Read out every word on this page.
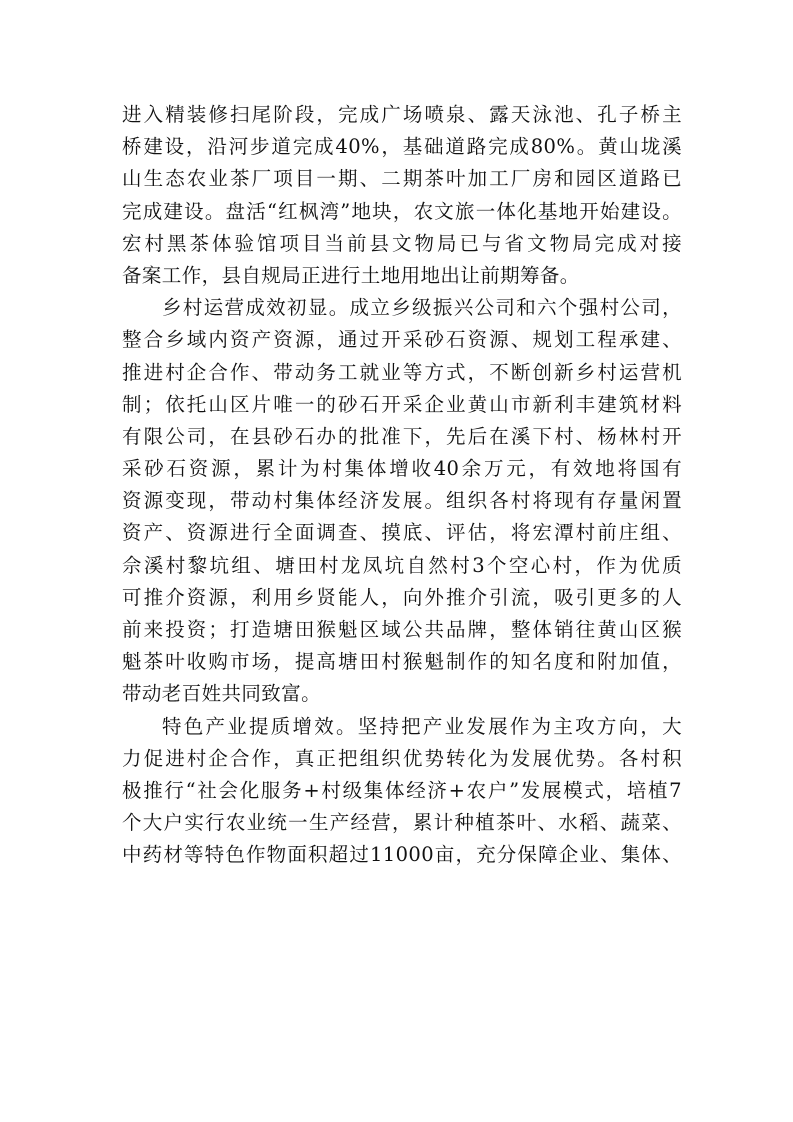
进入精装修扫尾阶段，完成广场喷泉、露天泳池、孔子桥主
桥建设，沿河步道完成40%，基础道路完成80%。黄山垅溪
山生态农业茶厂项目一期、二期茶叶加工厂房和园区道路已
完成建设。盘活“红枫湾”地块，农文旅一体化基地开始建设。
宏村黑茶体验馆项目当前县文物局已与省文物局完成对接
备案工作，县自规局正进行土地用地出让前期筹备。
乡村运营成效初显。成立乡级振兴公司和六个强村公司，
整合乡域内资产资源，通过开采砂石资源、规划工程承建、
推进村企合作、带动务工就业等方式，不断创新乡村运营机
制；依托山区片唯一的砂石开采企业黄山市新利丰建筑材料
有限公司，在县砂石办的批准下，先后在溪下村、杨林村开
采砂石资源，累计为村集体增收40余万元，有效地将国有
资源变现，带动村集体经济发展。组织各村将现有存量闲置
资产、资源进行全面调查、摸底、评估，将宏潭村前庄组、
佘溪村黎坑组、塘田村龙凤坑自然村3个空心村，作为优质
可推介资源，利用乡贤能人，向外推介引流，吸引更多的人
前来投资；打造塘田猴魁区域公共品牌，整体销往黄山区猴
魁茶叶收购市场，提高塘田村猴魁制作的知名度和附加值，
带动老百姓共同致富。
特色产业提质增效。坚持把产业发展作为主攻方向，大
力促进村企合作，真正把组织优势转化为发展优势。各村积
极推行“社会化服务+村级集体经济+农户”发展模式，培植7
个大户实行农业统一生产经营，累计种植茶叶、水稻、蔬菜、
中药材等特色作物面积超过11000亩，充分保障企业、集体、
